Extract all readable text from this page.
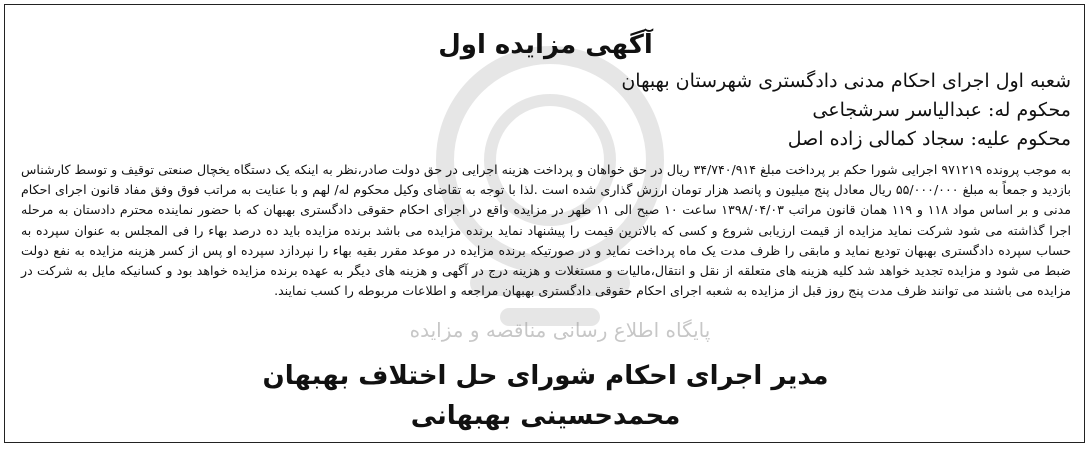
پایگاه اطلاع رسانی مناقصه و مزایده
آگهی مزایده اول
شعبه اول اجرای احکام مدنی دادگستری شهرستان بهبهان
محکوم له: عبدالیاسر سرشجاعی
محکوم علیه: سجاد کمالی زاده اصل
به موجب پرونده ۹۷۱۲۱۹ اجرایی شورا حکم بر پرداخت مبلغ ۳۴/۷۴۰/۹۱۴ ریال در حق خواهان و پرداخت هزینه اجرایی در حق دولت صادر،نظر به اینکه یک دستگاه یخچال صنعتی توقیف و توسط کارشناس بازدید و جمعاً به مبلغ ۵۵/۰۰۰/۰۰۰ ریال معادل پنج میلیون و پانصد هزار تومان ارزش گذاری شده است .لذا با توجه به تقاضای وکیل محکوم له/ لهم و با عنایت به مراتب فوق وفق مفاد قانون اجرای احکام مدنی و بر اساس مواد ۱۱۸ و ۱۱۹ همان قانون مراتب ۱۳۹۸/۰۴/۰۳ ساعت ۱۰ صبح الی ۱۱ ظهر در مزایده واقع در اجرای احکام حقوقی دادگستری بهبهان که با حضور نماینده محترم دادستان به مرحله اجرا گذاشته می شود شرکت نماید مزایده از قیمت ارزیابی شروع و کسی که بالاترین قیمت را پیشنهاد نماید برنده مزایده می باشد برنده مزایده باید ده درصد بهاء را فی المجلس به عنوان سپرده به حساب سپرده دادگستری بهبهان تودیع نماید و مابقی را ظرف مدت یک ماه پرداخت نماید و در صورتیکه برنده مزایده در موعد مقرر بقیه بهاء را نپردازد سپرده او پس از کسر هزینه مزایده به نفع دولت ضبط می شود و مزایده تجدید خواهد شد کلیه هزینه های متعلقه از نقل و انتقال،مالیات و مستغلات و هزینه درج در آگهی و هزینه های دیگر به عهده برنده مزایده خواهد بود و کسانیکه مایل به شرکت در مزایده می باشند می توانند ظرف مدت پنج روز قبل از مزایده به شعبه اجرای احکام حقوقی دادگستری بهبهان مراجعه و اطلاعات مربوطه را کسب نمایند.
مدیر اجرای احکام شورای حل اختلاف بهبهان
محمدحسینی بهبهانی
